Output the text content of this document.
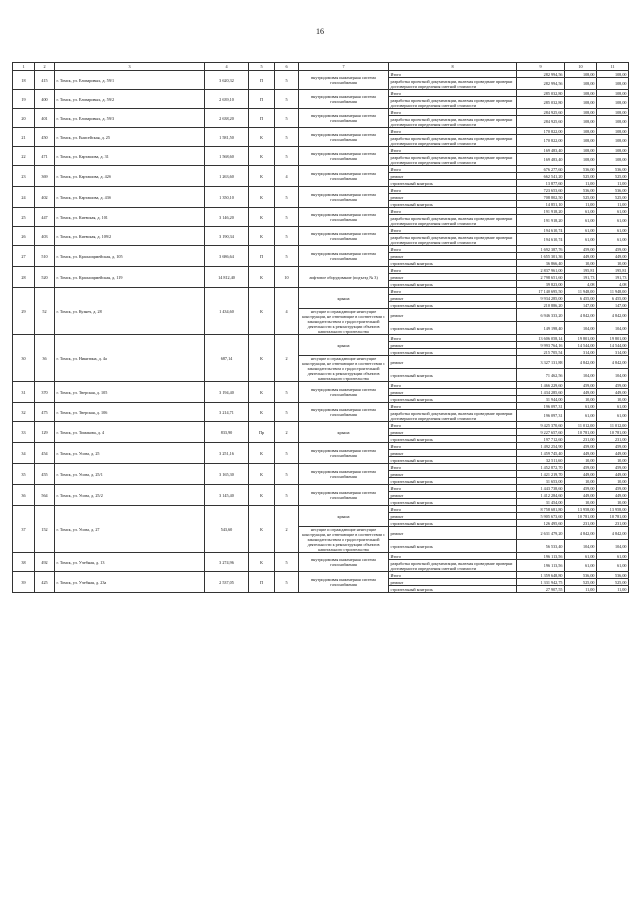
16
1	2	3	4	5	6	7	8	9	10	11
18	415	г. Томск, ул. Елизаровых, д. 59/1	3 620,32	П	5	внутридомовая инженерная система газоснабжения	Итого	282 994,56	108,00	108,00
							разработка проектной документации, включая проведение проверки достоверности определения сметной стоимости	282 994,56	108,00	108,00
19	400	г. Томск, ул. Елизаровых, д. 59/2	2 639,10	П	5	внутридомовая инженерная система газоснабжения	Итого	285 032,80	108,00	108,00
							разработка проектной документации, включая проведение проверки достоверности определения сметной стоимости	285 032,80	108,00	108,00
20	401	г. Томск, ул. Елизаровых, д. 59/3	2 638,20	П	5	внутридомовая инженерная система газоснабжения	Итого	284 925,60	108,00	108,00
							разработка проектной документации, включая проведение проверки достоверности определения сметной стоимости	284 925,60	108,00	108,00
21	450	г. Томск, ул. Енисейская, д. 25	1 581,50	К	5	внутридомовая инженерная система газоснабжения	Итого	170 822,00	108,00	108,00
							разработка проектной документации, включая проведение проверки достоверности определения сметной стоимости	170 822,00	108,00	108,00
22	471	г. Томск, ул. Карташова, д. 31	1 568,60	К	5	внутридомовая инженерная система газоснабжения	Итого	169 483,40	108,00	108,00
							разработка проектной документации, включая проведение проверки достоверности определения сметной стоимости	169 483,40	108,00	108,00
23	369	г. Томск, ул. Карташова, д. 42б	1 263,60	К	4	внутридомовая инженерная система газоснабжения	Итого	676 277,60	536,00	536,00
							ремонт	662 541,20	525,00	525,00
							строительный контроль	13 877,60	11,00	11,00
24	402	г. Томск, ул. Карташова, д. 43б	1 350,10	К	5	внутридомовая инженерная система газоснабжения	Итого	723 653,60	536,00	536,00
							ремонт	708 802,50	525,00	525,00
							строительный контроль	14 851,10	11,00	11,00
25	447	г. Томск, ул. Киевская, д. 101	3 146,20	К	5	внутридомовая инженерная система газоснабжения	Итого	191 918,20	61,00	61,00
							разработка проектной документации, включая проведение проверки достоверности определения сметной стоимости	191 918,20	61,00	61,00
26	403	г. Томск, ул. Киевская, д. 109/2	3 190,34	К	5	внутридомовая инженерная система газоснабжения	Итого	194 610,74	61,00	61,00
							разработка проектной документации, включая проведение проверки достоверности определения сметной стоимости	194 610,74	61,00	61,00
27	510	г. Томск, ул. Красноармейская, д. 105	3 686,64	П	5	внутридомовая инженерная система газоснабжения	Итого	1 692 387,76	459,00	459,00
							ремонт	1 655 301,36	449,00	449,00
							строительный контроль	36 866,40	10,00	10,00
28	520	г. Томск, ул. Красноармейская, д. 119	14 812,40	К	10	лифтовое оборудование (подъезд № 3)	Итого	2 837 961,00	195,81	195,81
							ремонт	2 798 651,60	191,73	191,73
							строительный контроль	39 823,00	4,08	4,08
29	52	г. Томск, ул. Кузнеч, д. 28	1 434,60	К	4	крыша	Итого	17 140 695,50	11 948,00	11 948,00
							ремонт	9 934 285,00	6 455,00	6 455,00
							строительный контроль	210 886,20	147,00	147,00
						несущие и ограждающие ненесущие конструкции, не отвечающие в соответствии с законодательством о градостроительной деятельности к реконструкции объектов капитального строительства	ремонт	6 946 333,20	4 842,00	4 842,00
							строительный контроль	149 198,40	104,00	104,00
30	36	г. Томск, ул. Никитина, д. 4а	687,14	К	2	крыша	Итого	13 606 058,14	19 801,00	19 801,00
							ремонт	9 993 764,16	14 544,00	14 544,00
							строительный контроль	215 705,54	314,00	314,00
						несущие и ограждающие ненесущие конструкции, не отвечающие в соответствии с законодательством о градостроительной деятельности к реконструкции объектов капитального строительства	ремонт	3 327 131,88	4 842,00	4 842,00
							строительный контроль	71 462,56	104,00	104,00
31	370	г. Томск, ул. Тверская, д. 105	3 194,40	К	5	внутридомовая инженерная система газоснабжения	Итого	1 466 229,60	459,00	459,00
							ремонт	1 434 285,60	449,00	449,00
							строительный контроль	31 944,00	10,00	10,00
32	475	г. Томск, ул. Тверская, д. 106	3 214,71	К	5	внутридомовая инженерная система газоснабжения	Итого	196 097,31	61,00	61,00
							разработка проектной документации, включая проведение проверки достоверности определения сметной стоимости	196 097,31	61,00	61,00
33	129	г. Томск, ул. Тимакова, д. 4	833,90	Пр	2	крыша	Итого	9 425 370,60	11 012,00	11 012,00
							ремонт	9 227 657,60	10 781,00	10 781,00
							строительный контроль	197 712,60	231,00	231,00
34	454	г. Томск, ул. Усова, д. 25	3 251,16	К	5	внутридомовая инженерная система газоснабжения	Итого	1 492 254,90	459,00	459,00
							ремонт	1 459 745,40	449,00	449,00
							строительный контроль	32 511,60	10,00	10,00
35	455	г. Томск, ул. Усова, д. 25/1	3 165,30	К	5	внутридомовая инженерная система газоснабжения	Итого	1 452 872,70	459,00	459,00
							ремонт	1 421 219,70	449,00	449,00
							строительный контроль	31 653,00	10,00	10,00
36	564	г. Томск, ул. Усова, д. 25/2	3 145,40	К	5	внутридомовая инженерная система газоснабжения	Итого	1 443 738,60	459,00	459,00
							ремонт	1 412 284,60	449,00	449,00
							строительный контроль	31 454,00	10,00	10,00
37	152	г. Томск, ул. Усова, д. 27	543,60	К	2	крыша	Итого	8 758 681,80	13 958,00	13 958,00
							ремонт	5 905 673,60	10 781,00	10 781,00
							строительный контроль	126 495,60	231,00	231,00
						несущие и ограждающие ненесущие конструкции, не отвечающие в соответствии с законодательством о градостроительной деятельности к реконструкции объектов капитального строительства	ремонт	2 631 479,20	4 842,00	4 842,00
							строительный контроль	56 533,40	104,00	104,00
38	492	г. Томск, ул. Учебная, д. 13	3 274,96	К	5	внутридомовая инженерная система газоснабжения	Итого	196 113,56	61,00	61,00
							разработка проектной документации, включая проведение проверки достоверности определения сметной стоимости	196 113,56	61,00	61,00
39	425	г. Томск, ул. Учебная, д. 23а	2 537,05	П	5	внутридомовая инженерная система газоснабжения	Итого	1 359 648,80	536,00	536,00
							ремонт	1 331 942,75	525,00	525,00
							строительный контроль	27 907,55	11,00	11,00
